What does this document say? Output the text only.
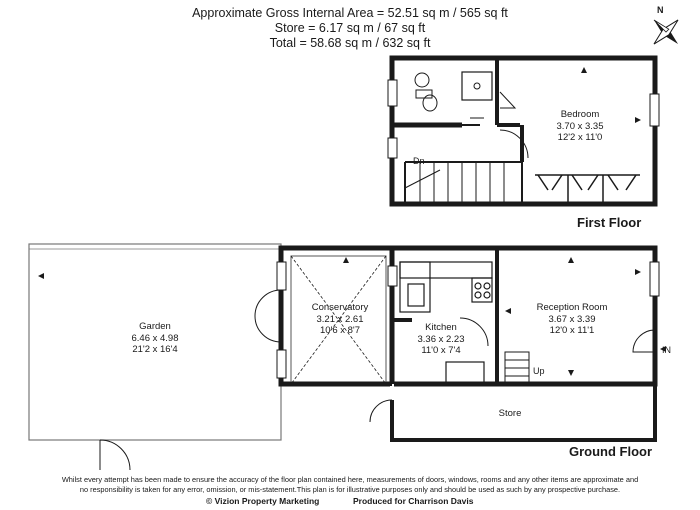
Approximate Gross Internal Area = 52.51 sq m / 565 sq ft
Store = 6.17 sq m / 67 sq ft
Total = 58.68 sq m / 632 sq ft
N
Bedroom
3.70 x 3.35
12'2 x 11'0
Dn
First Floor
Garden
6.46 x 4.98
21'2 x 16'4
Conservatory
3.21 x 2.61
10'6 x 8'7	Kitchen
3.36 x 2.23
11'0 x 7'4
Reception Room
3.67 x 3.39
12'0 x 11'1
Store
Up
IN
Ground Floor
Whilst every attempt has been made to ensure the accuracy of the floor plan contained here, measurements of doors, windows, rooms and any other items are approximate and
no responsibility is taken for any error, omission, or mis-statement.This plan is for illustrative purposes only and should be used as such by any prospective purchase.
© Vizion Property Marketing	Produced for Charrison Davis
